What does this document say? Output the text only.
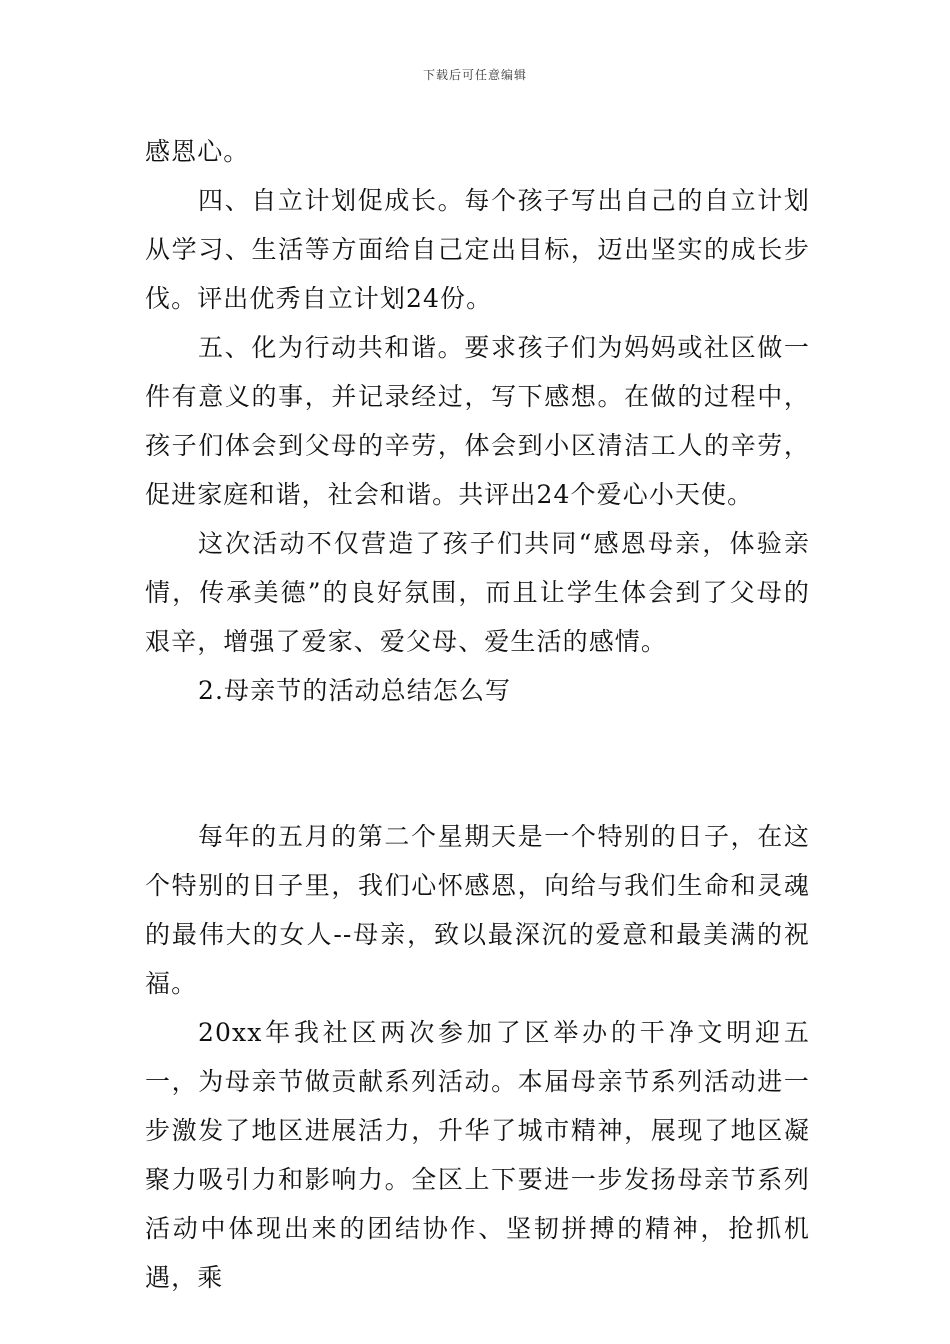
下载后可任意编辑

感恩心。

四、自立计划促成长。每个孩子写出自己的自立计划从学习、生活等方面给自己定出目标，迈出坚实的成长步伐。评出优秀自立计划24份。

五、化为行动共和谐。要求孩子们为妈妈或社区做一件有意义的事，并记录经过，写下感想。在做的过程中，孩子们体会到父母的辛劳，体会到小区清洁工人的辛劳，促进家庭和谐，社会和谐。共评出24个爱心小天使。

这次活动不仅营造了孩子们共同“感恩母亲，体验亲情，传承美德”的良好氛围，而且让学生体会到了父母的艰辛，增强了爱家、爱父母、爱生活的感情。

2.母亲节的活动总结怎么写

每年的五月的第二个星期天是一个特别的日子，在这个特别的日子里，我们心怀感恩，向给与我们生命和灵魂的最伟大的女人--母亲，致以最深沉的爱意和最美满的祝福。

20xx年我社区两次参加了区举办的干净文明迎五一，为母亲节做贡献系列活动。本届母亲节系列活动进一步激发了地区进展活力，升华了城市精神，展现了地区凝聚力吸引力和影响力。全区上下要进一步发扬母亲节系列活动中体现出来的团结协作、坚韧拼搏的精神，抢抓机遇，乘
